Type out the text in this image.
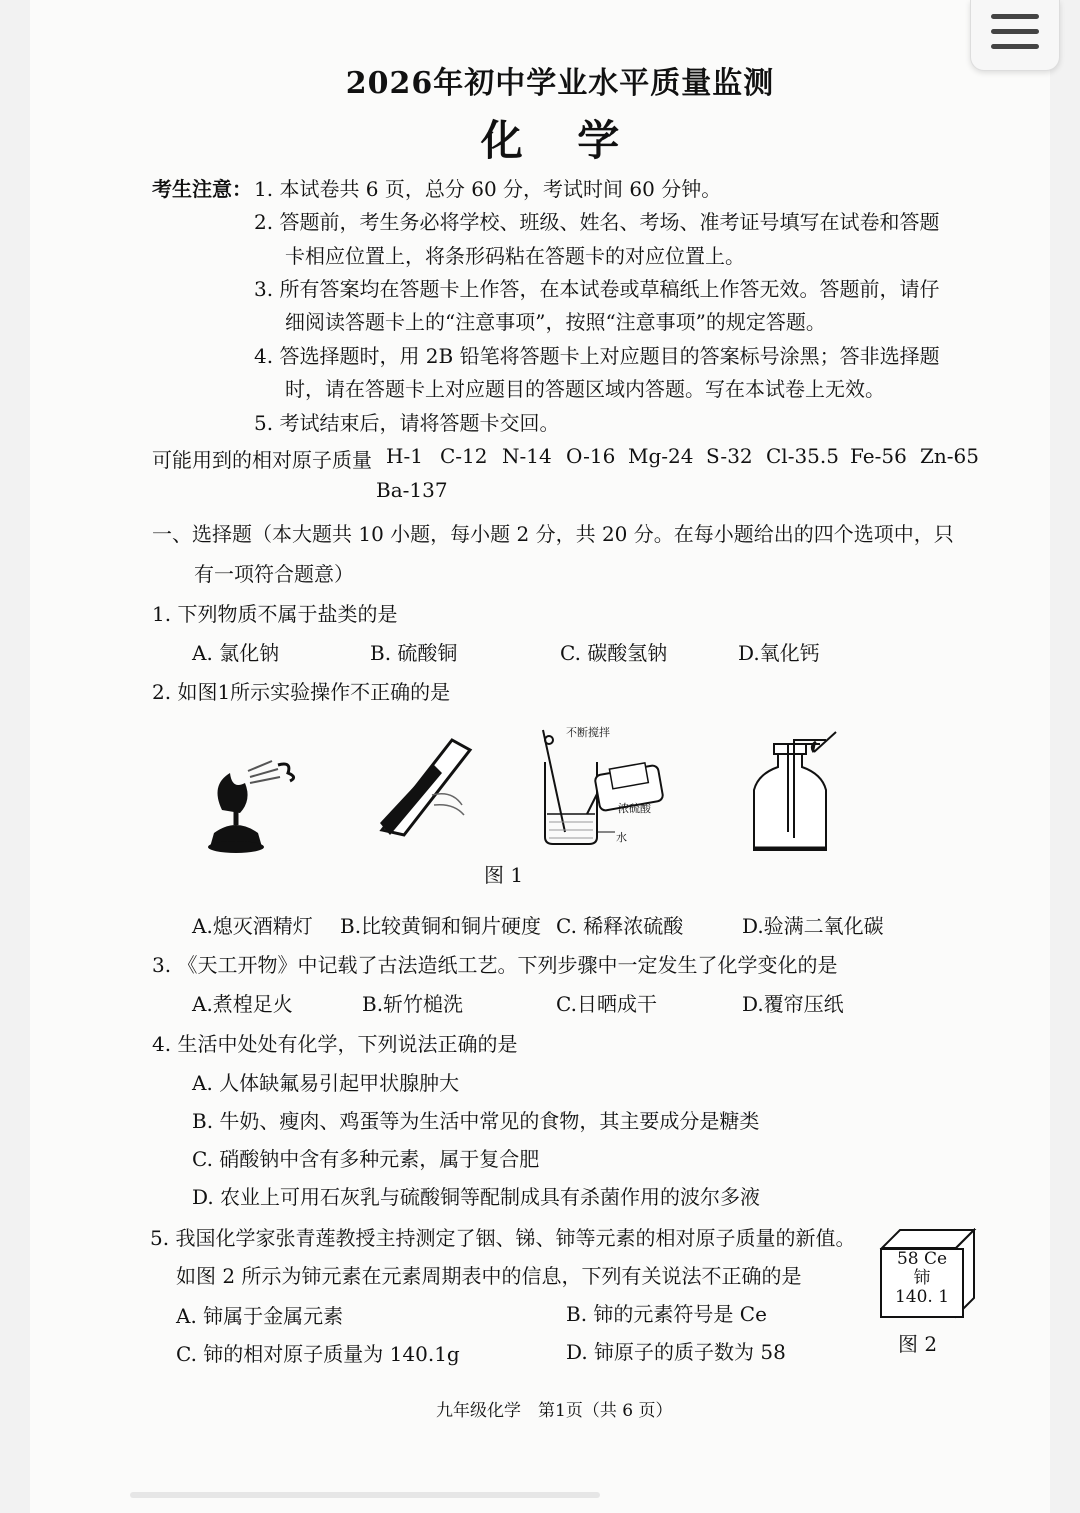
2026年初中学业水平质量监测
化 学
考生注意： 1. 本试卷共 6 页，总分 60 分，考试时间 60 分钟。
2. 答题前，考生务必将学校、班级、姓名、考场、准考证号填写在试卷和答题
卡相应位置上，将条形码粘在答题卡的对应位置上。
3. 所有答案均在答题卡上作答，在本试卷或草稿纸上作答无效。答题前，请仔
细阅读答题卡上的“注意事项”，按照“注意事项”的规定答题。
4. 答选择题时，用 2B 铅笔将答题卡上对应题目的答案标号涂黑；答非选择题
时，请在答题卡上对应题目的答题区域内答题。写在本试卷上无效。
5. 考试结束后，请将答题卡交回。
可能用到的相对原子质量 H-1 C-12 N-14 O-16 Mg-24 S-32 Cl-35.5 Fe-56 Zn-65
Ba-137
一、选择题（本大题共 10 小题，每小题 2 分，共 20 分。在每小题给出的四个选项中，只
有一项符合题意）
1. 下列物质不属于盐类的是
A. 氯化钠	B. 硫酸铜	C. 碳酸氢钠	D.氧化钙
2. 如图1所示实验操作不正确的是
不断搅拌
浓硫酸
水
图 1
A.熄灭酒精灯 B.比较黄铜和铜片硬度 C. 稀释浓硫酸	D.验满二氧化碳
3. 《天工开物》中记载了古法造纸工艺。下列步骤中一定发生了化学变化的是
A.煮楻足火	B.斩竹槌洗	C.日晒成干	D.覆帘压纸
4. 生活中处处有化学，下列说法正确的是
A. 人体缺氟易引起甲状腺肿大
B. 牛奶、瘦肉、鸡蛋等为生活中常见的食物，其主要成分是糖类
C. 硝酸钠中含有多种元素，属于复合肥
D. 农业上可用石灰乳与硫酸铜等配制成具有杀菌作用的波尔多液
5. 我国化学家张青莲教授主持测定了铟、锑、铈等元素的相对原子质量的新值。
如图 2 所示为铈元素在元素周期表中的信息，下列有关说法不正确的是
A. 铈属于金属元素	B. 铈的元素符号是 Ce
C. 铈的相对原子质量为 140.1g	D. 铈原子的质子数为 58
58 Ce
铈
140. 1
图 2
九年级化学　第1页（共 6 页）
